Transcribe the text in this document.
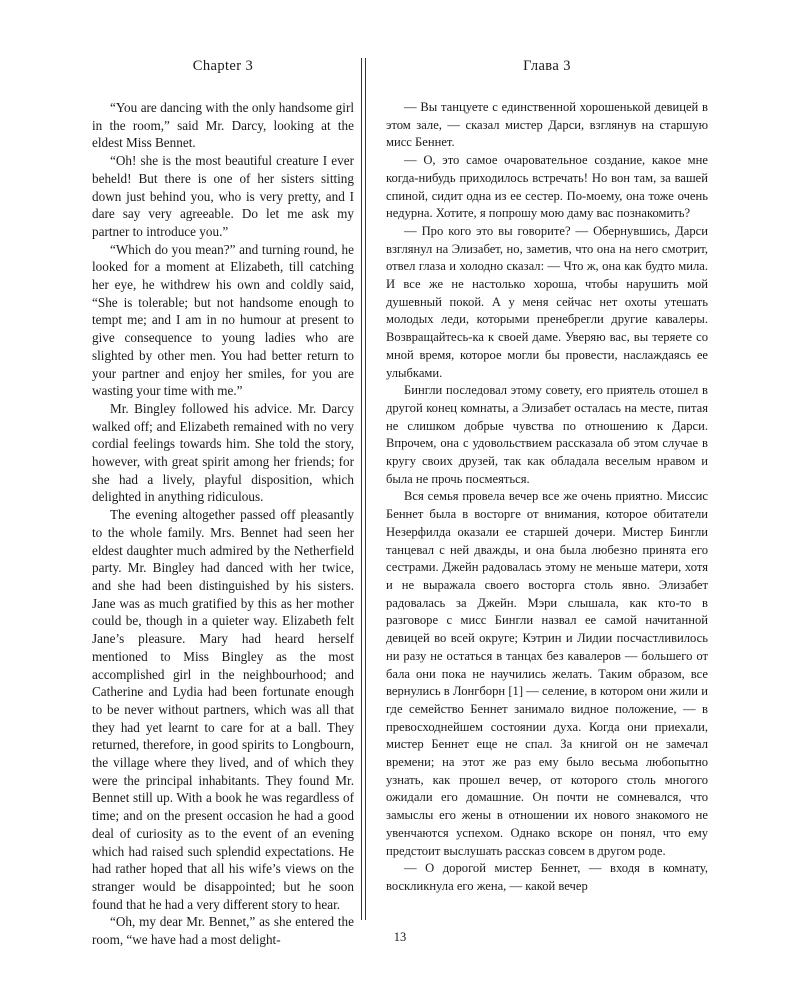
Chapter 3

“You are dancing with the only handsome girl in the room,” said Mr. Darcy, looking at the eldest Miss Bennet.

“Oh! she is the most beautiful creature I ever beheld! But there is one of her sisters sitting down just behind you, who is very pretty, and I dare say very agreeable. Do let me ask my partner to introduce you.”

“Which do you mean?” and turning round, he looked for a moment at Elizabeth, till catching her eye, he withdrew his own and coldly said, “She is tolerable; but not handsome enough to tempt me; and I am in no humour at present to give consequence to young ladies who are slighted by other men. You had better return to your partner and enjoy her smiles, for you are wasting your time with me.”

Mr. Bingley followed his advice. Mr. Darcy walked off; and Elizabeth remained with no very cordial feelings towards him. She told the story, however, with great spirit among her friends; for she had a lively, playful disposition, which delighted in anything ridiculous.

The evening altogether passed off pleasantly to the whole family. Mrs. Bennet had seen her eldest daughter much admired by the Netherfield party. Mr. Bingley had danced with her twice, and she had been distinguished by his sisters. Jane was as much gratified by this as her mother could be, though in a quieter way. Elizabeth felt Jane’s pleasure. Mary had heard herself mentioned to Miss Bingley as the most accomplished girl in the neighbourhood; and Catherine and Lydia had been fortunate enough to be never without partners, which was all that they had yet learnt to care for at a ball. They returned, therefore, in good spirits to Longbourn, the village where they lived, and of which they were the principal inhabitants. They found Mr. Bennet still up. With a book he was regardless of time; and on the present occasion he had a good deal of curiosity as to the event of an evening which had raised such splendid expectations. He had rather hoped that all his wife’s views on the stranger would be disappointed; but he soon found that he had a very different story to hear.

“Oh, my dear Mr. Bennet,” as she entered the room, “we have had a most delight-

Глава 3

— Вы танцуете с единственной хорошенькой девицей в этом зале, — сказал мистер Дарси, взглянув на старшую мисс Беннет.

— О, это самое очаровательное создание, какое мне когда-нибудь приходилось встречать! Но вон там, за вашей спиной, сидит одна из ее сестер. По-моему, она тоже очень недурна. Хотите, я попрошу мою даму вас познакомить?

— Про кого это вы говорите? — Обернувшись, Дарси взглянул на Элизабет, но, заметив, что она на него смотрит, отвел глаза и холодно сказал: — Что ж, она как будто мила. И все же не настолько хороша, чтобы нарушить мой душевный покой. А у меня сейчас нет охоты утешать молодых леди, которыми пренебрегли другие кавалеры. Возвращайтесь-ка к своей даме. Уверяю вас, вы теряете со мной время, которое могли бы провести, наслаждаясь ее улыбками.

Бингли последовал этому совету, его приятель отошел в другой конец комнаты, а Элизабет осталась на месте, питая не слишком добрые чувства по отношению к Дарси. Впрочем, она с удовольствием рассказала об этом случае в кругу своих друзей, так как обладала веселым нравом и была не прочь посмеяться.

Вся семья провела вечер все же очень приятно. Миссис Беннет была в восторге от внимания, которое обитатели Незерфилда оказали ее старшей дочери. Мистер Бингли танцевал с ней дважды, и она была любезно принята его сестрами. Джейн радовалась этому не меньше матери, хотя и не выражала своего восторга столь явно. Элизабет радовалась за Джейн. Мэри слышала, как кто-то в разговоре с мисс Бингли назвал ее самой начитанной девицей во всей округе; Кэтрин и Лидии посчастливилось ни разу не остаться в танцах без кавалеров — большего от бала они пока не научились желать. Таким образом, все вернулись в Лонгборн [1] — селение, в котором они жили и где семейство Беннет занимало видное положение, — в превосходнейшем состоянии духа. Когда они приехали, мистер Беннет еще не спал. За книгой он не замечал времени; на этот же раз ему было весьма любопытно узнать, как прошел вечер, от которого столь многого ожидали его домашние. Он почти не сомневался, что замыслы его жены в отношении их нового знакомого не увенчаются успехом. Однако вскоре он понял, что ему предстоит выслушать рассказ совсем в другом роде.

— О дорогой мистер Беннет, — входя в комнату, воскликнула его жена, — какой вечер

13
